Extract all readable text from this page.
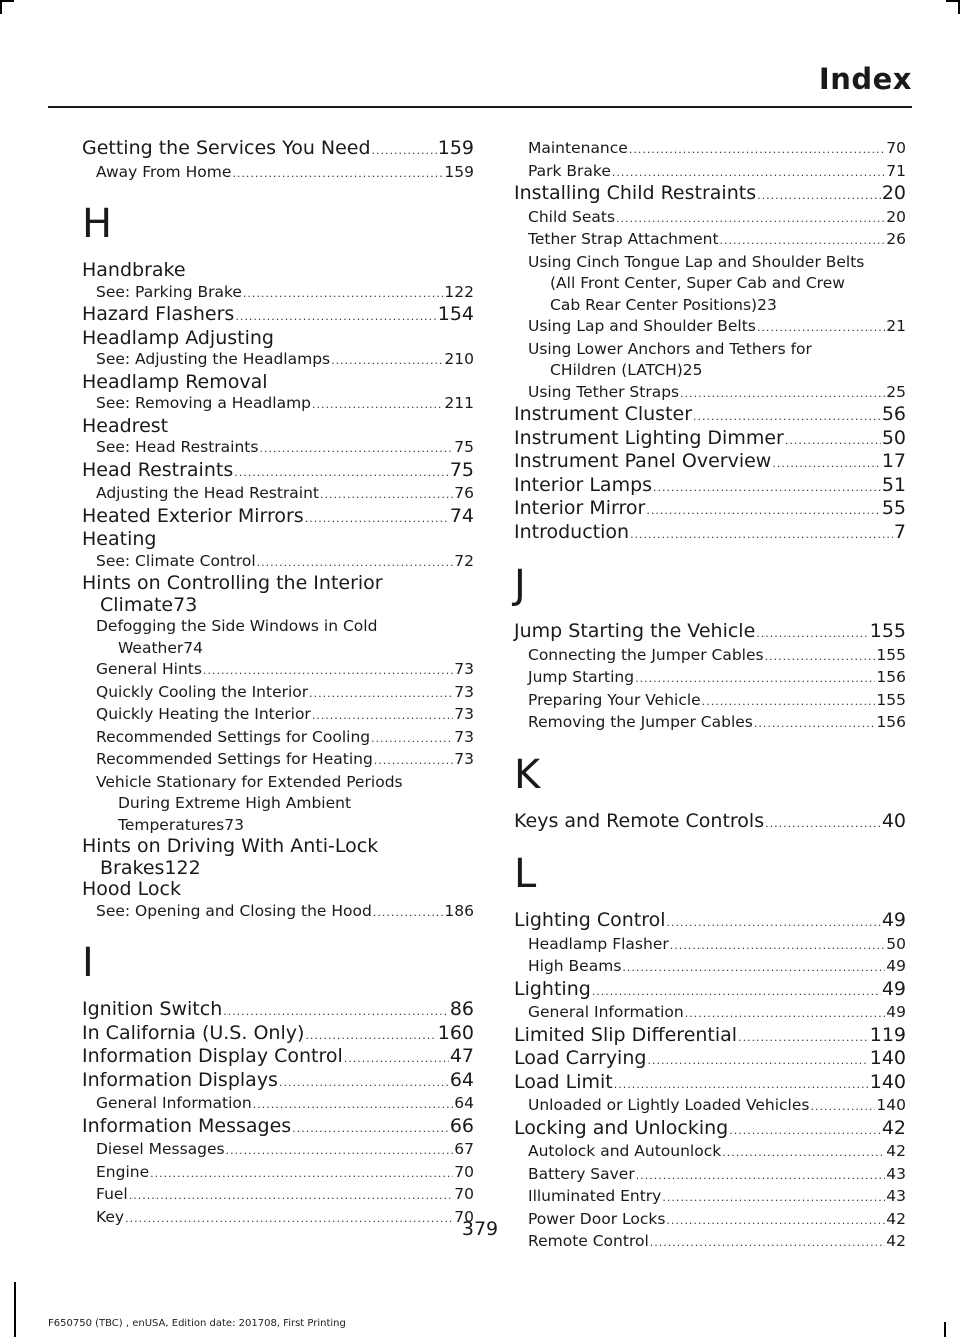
Index
Getting the Services You Need .....	159
Away From Home .....	159
H
Handbrake
See: Parking Brake .....	122
Hazard Flashers .....	154
Headlamp Adjusting
See: Adjusting the Headlamps .....	210
Headlamp Removal
See: Removing a Headlamp .....	211
Headrest
See: Head Restraints .....	75
Head Restraints .....	75
Adjusting the Head Restraint .....	76
Heated Exterior Mirrors .....	74
Heating
See: Climate Control .....	72
Hints on Controlling the Interior
Climate 73
Defogging the Side Windows in Cold
Weather 74
General Hints .....	73
Quickly Cooling the Interior .....	73
Quickly Heating the Interior .....	73
Recommended Settings for Cooling .....	73
Recommended Settings for Heating .....	73
Vehicle Stationary for Extended Periods
During Extreme High Ambient
Temperatures 73
Hints on Driving With Anti-Lock
Brakes 122
Hood Lock
See: Opening and Closing the Hood .....	186
I
Ignition Switch .....	86
In California (U.S. Only) .....	160
Information Display Control .....	47
Information Displays .....	64
General Information .....	64
Information Messages .....	66
Diesel Messages .....	67
Engine .....	70
Fuel .....	70
Key .....	70
Maintenance .....	70
Park Brake .....	71
Installing Child Restraints .....	20
Child Seats .....	20
Tether Strap Attachment .....	26
Using Cinch Tongue Lap and Shoulder Belts
(All Front Center, Super Cab and Crew
Cab Rear Center Positions) 23
Using Lap and Shoulder Belts .....	21
Using Lower Anchors and Tethers for
CHildren (LATCH) 25
Using Tether Straps .....	25
Instrument Cluster .....	56
Instrument Lighting Dimmer .....	50
Instrument Panel Overview .....	17
Interior Lamps .....	51
Interior Mirror .....	55
Introduction .....	7
J
Jump Starting the Vehicle .....	155
Connecting the Jumper Cables .....	155
Jump Starting .....	156
Preparing Your Vehicle .....	155
Removing the Jumper Cables .....	156
K
Keys and Remote Controls .....	40
L
Lighting Control .....	49
Headlamp Flasher .....	50
High Beams .....	49
Lighting .....	49
General Information .....	49
Limited Slip Differential .....	119
Load Carrying .....	140
Load Limit .....	140
Unloaded or Lightly Loaded Vehicles .....	140
Locking and Unlocking .....	42
Autolock and Autounlock .....	42
Battery Saver .....	43
Illuminated Entry .....	43
Power Door Locks .....	42
Remote Control .....	42
379
F650750 (TBC) , enUSA, Edition date: 201708, First Printing
